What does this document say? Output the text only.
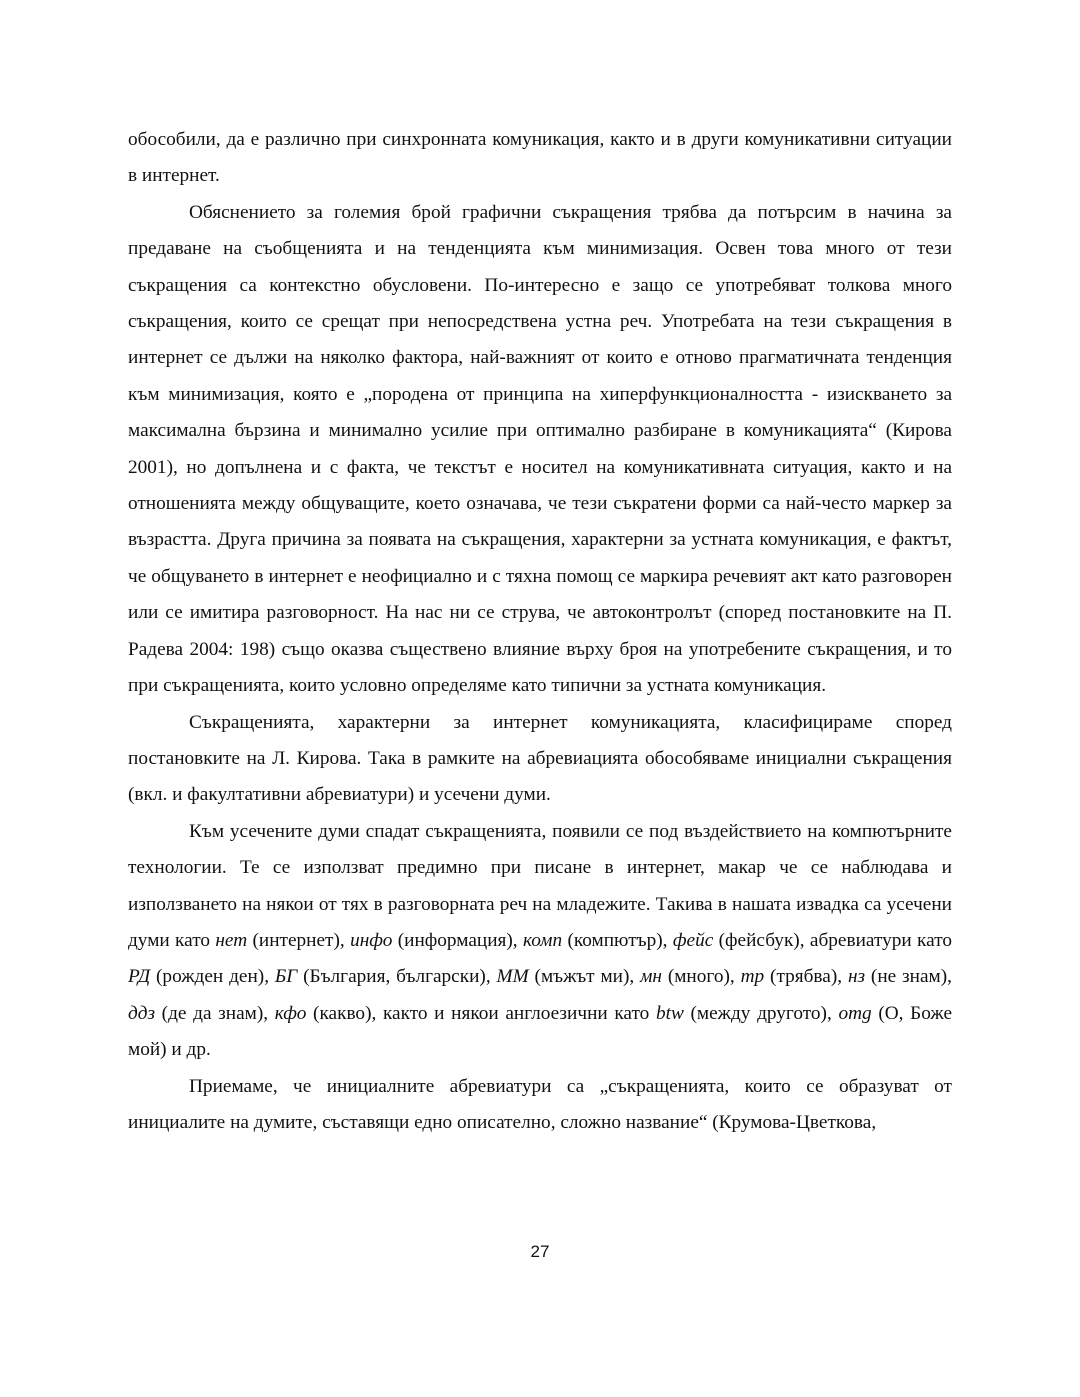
обособили, да е различно при синхронната комуникация, както и в други комуникативни ситуации в интернет.

Обяснението за големия брой графични съкращения трябва да потърсим в начина за предаване на съобщенията и на тенденцията към минимизация. Освен това много от тези съкращения са контекстно обусловени. По-интересно е защо се употребяват толкова много съкращения, които се срещат при непосредствена устна реч. Употребата на тези съкращения в интернет се дължи на няколко фактора, най-важният от които е отново прагматичната тенденция към минимизация, която е „породена от принципа на хиперфункционалността - изискването за максимална бързина и минимално усилие при оптимално разбиране в комуникацията“ (Кирова 2001), но допълнена и с факта, че текстът е носител на комуникативната ситуация, както и на отношенията между общуващите, което означава, че тези съкратени форми са най-често маркер за възрастта. Друга причина за появата на съкращения, характерни за устната комуникация, е фактът, че общуването в интернет е неофициално и с тяхна помощ се маркира речевият акт като разговорен или се имитира разговорност. На нас ни се струва, че автоконтролът (според постановките на П. Радева 2004: 198) също оказва съществено влияние върху броя на употребените съкращения, и то при съкращенията, които условно определяме като типични за устната комуникация.

Съкращенията, характерни за интернет комуникацията, класифицираме според постановките на Л. Кирова. Така в рамките на абревиацията обособяваме инициални съкращения (вкл. и факултативни абревиатури) и усечени думи.

Към усечените думи спадат съкращенията, появили се под въздействието на компютърните технологии. Те се използват предимно при писане в интернет, макар че се наблюдава и използването на някои от тях в разговорната реч на младежите. Такива в нашата извадка са усечени думи като нет (интернет), инфо (информация), комп (компютър), фейс (фейсбук), абревиатури като РД (рожден ден), БГ (България, български), ММ (мъжът ми), мн (много), тр (трябва), нз (не знам), ддз (де да знам), кфо (какво), както и някои англоезични като btw (между другото), omg (О, Боже мой) и др.

Приемаме, че инициалните абревиатури са „съкращенията, които се образуват от инициалите на думите, съставящи едно описателно, сложно название“ (Крумова-Цветкова,

27
